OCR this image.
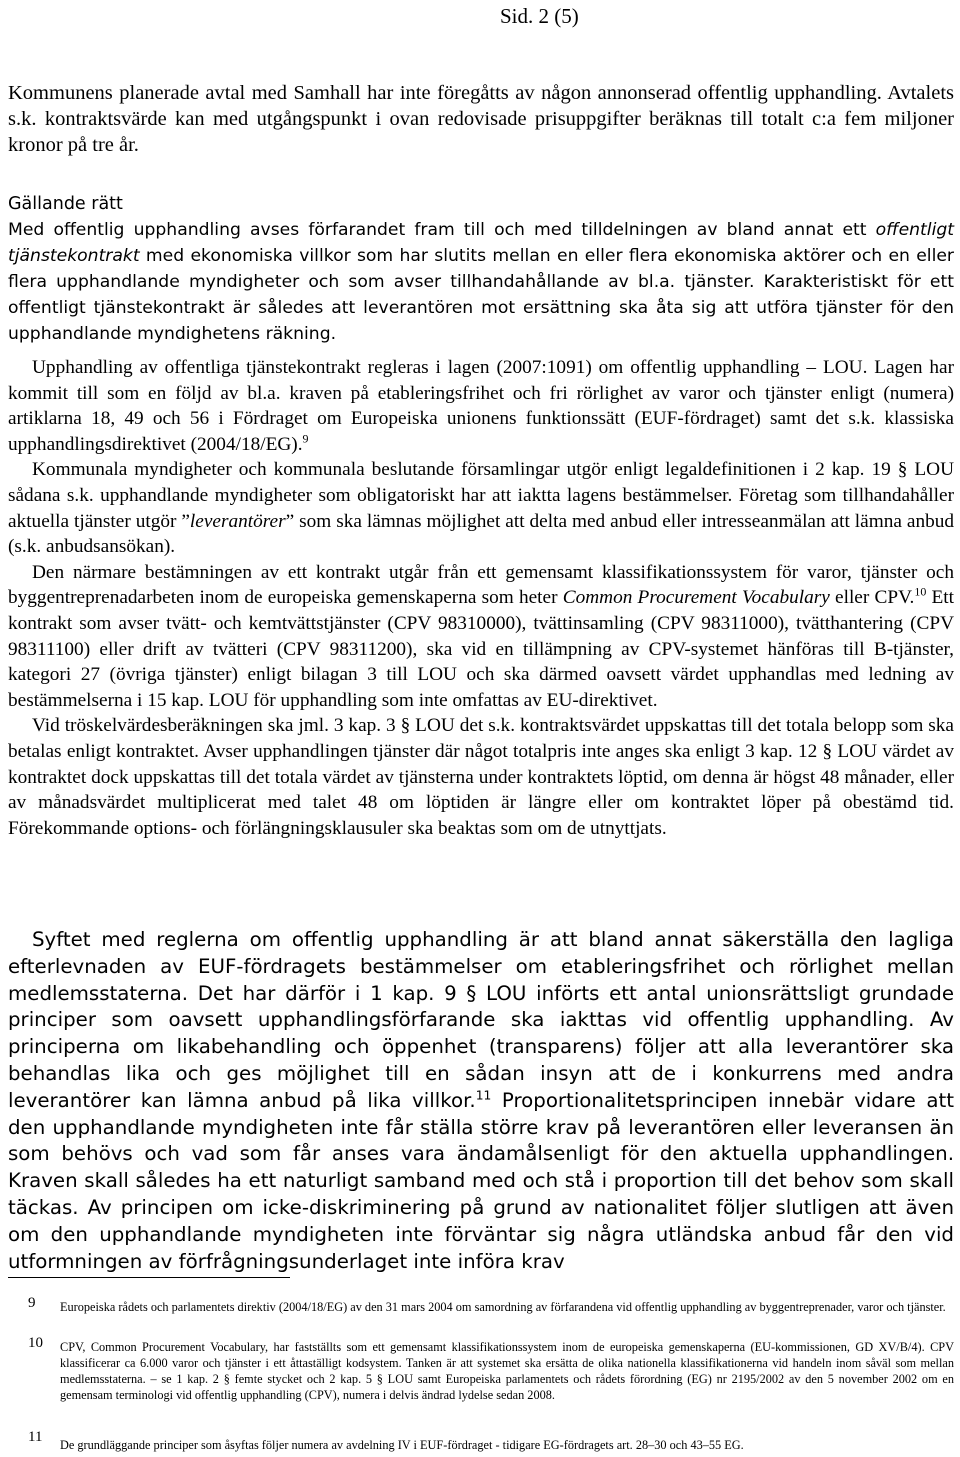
Sid. 2 (5)

Kommunens planerade avtal med Samhall har inte föregåtts av någon annonserad offentlig upphandling. Avtalets s.k. kontraktsvärde kan med utgångspunkt i ovan redovisade prisuppgifter beräknas till totalt c:a fem miljoner kronor på tre år.

Gällande rätt

Med offentlig upphandling avses förfarandet fram till och med tilldelningen av bland annat ett offentligt tjänstekontrakt med ekonomiska villkor som har slutits mellan en eller flera ekonomiska aktörer och en eller flera upphandlande myndigheter och som avser tillhandahållande av bl.a. tjänster. Karakteristiskt för ett offentligt tjänstekontrakt är således att leverantören mot ersättning ska åta sig att utföra tjänster för den upphandlande myndighetens räkning.

Upphandling av offentliga tjänstekontrakt regleras i lagen (2007:1091) om offentlig upphandling – LOU. Lagen har kommit till som en följd av bl.a. kraven på etableringsfrihet och fri rörlighet av varor och tjänster enligt (numera) artiklarna 18, 49 och 56 i Fördraget om Europeiska unionens funktionssätt (EUF-fördraget) samt det s.k. klassiska upphandlingsdirektivet (2004/18/EG).$^9$

Kommunala myndigheter och kommunala beslutande församlingar utgör enligt legaldefinitionen i 2 kap. 19 § LOU sådana s.k. upphandlande myndigheter som obligatoriskt har att iaktta lagens bestämmelser. Företag som tillhandahåller aktuella tjänster utgör ”leverantörer” som ska lämnas möjlighet att delta med anbud eller intresseanmälan att lämna anbud (s.k. anbudsansökan).

Den närmare bestämningen av ett kontrakt utgår från ett gemensamt klassifikationssystem för varor, tjänster och byggentreprenadarbeten inom de europeiska gemenskaperna som heter Common Procurement Vocabulary eller CPV.$^{10}$ Ett kontrakt som avser tvätt- och kemtvättstjänster (CPV 98310000), tvättinsamling (CPV 98311000), tvätthantering (CPV 98311100) eller drift av tvätteri (CPV 98311200), ska vid en tillämpning av CPV-systemet hänföras till B-tjänster, kategori 27 (övriga tjänster) enligt bilagan 3 till LOU och ska därmed oavsett värdet upphandlas med ledning av bestämmelserna i 15 kap. LOU för upphandling som inte omfattas av EU-direktivet.

Vid tröskelvärdesberäkningen ska jml. 3 kap. 3 § LOU det s.k. kontraktsvärdet uppskattas till det totala belopp som ska betalas enligt kontraktet. Avser upphandlingen tjänster där något totalpris inte anges ska enligt 3 kap. 12 § LOU värdet av kontraktet dock uppskattas till det totala värdet av tjänsterna under kontraktets löptid, om denna är högst 48 månader, eller av månadsvärdet multiplicerat med talet 48 om löptiden är längre eller om kontraktet löper på obestämd tid. Förekommande options- och förlängningsklausuler ska beaktas som om de utnyttjats.

Syftet med reglerna om offentlig upphandling är att bland annat säkerställa den lagliga efterlevnaden av EUF-fördragets bestämmelser om etableringsfrihet och rörlighet mellan medlemsstaterna. Det har därför i 1 kap. 9 § LOU införts ett antal unionsrättsligt grundade principer som oavsett upphandlingsförfarande ska iakttas vid offentlig upphandling. Av principerna om likabehandling och öppenhet (transparens) följer att alla leverantörer ska behandlas lika och ges möjlighet till en sådan insyn att de i konkurrens med andra leverantörer kan lämna anbud på lika villkor.$^{11}$ Proportionalitetsprincipen innebär vidare att den upphandlande myndigheten inte får ställa större krav på leverantören eller leveransen än som behövs och vad som får anses vara ändamålsenligt för den aktuella upphandlingen. Kraven skall således ha ett naturligt samband med och stå i proportion till det behov som skall täckas. Av principen om icke-diskriminering på grund av nationalitet följer slutligen att även om den upphandlande myndigheten inte förväntar sig några utländska anbud får den vid utformningen av förfrågningsunderlaget inte införa krav

9 Europeiska rådets och parlamentets direktiv (2004/18/EG) av den 31 mars 2004 om samordning av förfarandena vid offentlig upphandling av byggentreprenader, varor och tjänster.
10 CPV, Common Procurement Vocabulary, har fastställts som ett gemensamt klassifikationssystem inom de europeiska gemenskaperna (EU-kommissionen, GD XV/B/4). CPV klassificerar ca 6.000 varor och tjänster i ett åttaställigt kodsystem. Tanken är att systemet ska ersätta de olika nationella klassifikationerna vid handeln inom såväl som mellan medlemsstaterna. – se 1 kap. 2 § femte stycket och 2 kap. 5 § LOU samt Europeiska parlamentets och rådets förordning (EG) nr 2195/2002 av den 5 november 2002 om en gemensam terminologi vid offentlig upphandling (CPV), numera i delvis ändrad lydelse sedan 2008.
11 De grundläggande principer som åsyftas följer numera av avdelning IV i EUF-fördraget - tidigare EG-fördragets art. 28–30 och 43–55 EG.
